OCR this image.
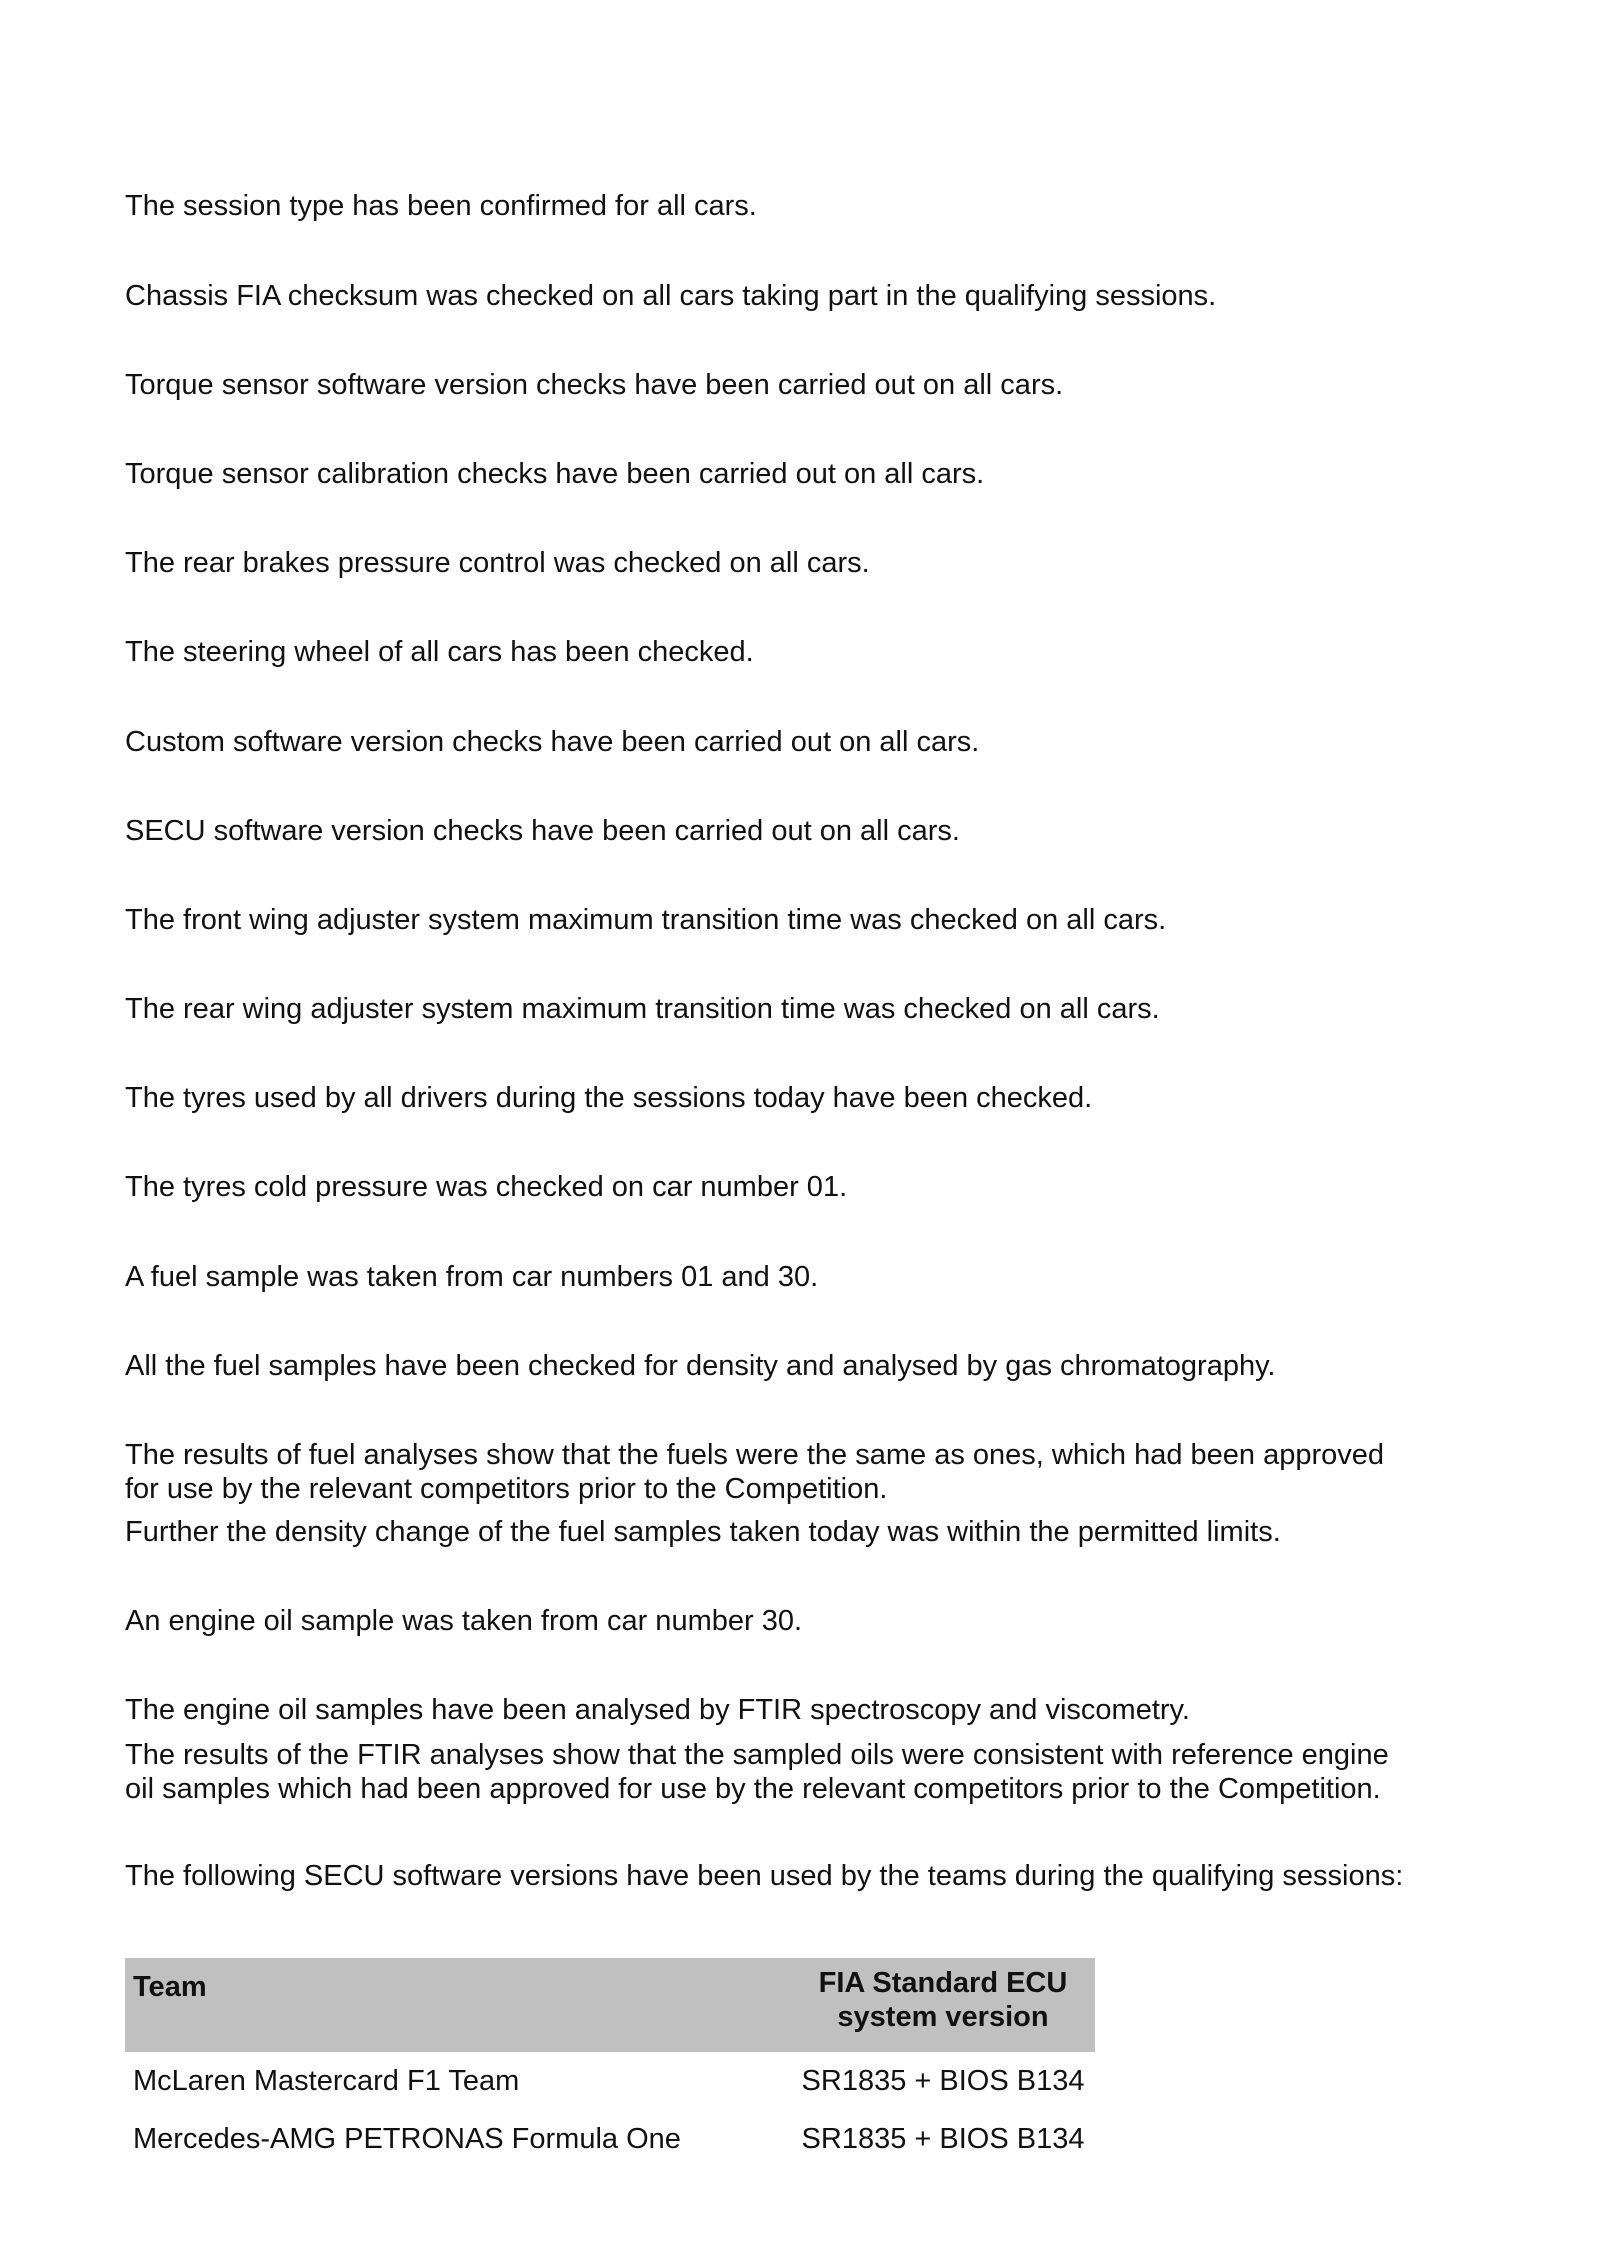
The session type has been confirmed for all cars.

Chassis FIA checksum was checked on all cars taking part in the qualifying sessions.

Torque sensor software version checks have been carried out on all cars.

Torque sensor calibration checks have been carried out on all cars.

The rear brakes pressure control was checked on all cars.

The steering wheel of all cars has been checked.

Custom software version checks have been carried out on all cars.

SECU software version checks have been carried out on all cars.

The front wing adjuster system maximum transition time was checked on all cars.

The rear wing adjuster system maximum transition time was checked on all cars.

The tyres used by all drivers during the sessions today have been checked.

The tyres cold pressure was checked on car number 01.

A fuel sample was taken from car numbers 01 and 30.

All the fuel samples have been checked for density and analysed by gas chromatography.

The results of fuel analyses show that the fuels were the same as ones, which had been approved
for use by the relevant competitors prior to the Competition.

Further the density change of the fuel samples taken today was within the permitted limits.

An engine oil sample was taken from car number 30.

The engine oil samples have been analysed by FTIR spectroscopy and viscometry.

The results of the FTIR analyses show that the sampled oils were consistent with reference engine
oil samples which had been approved for use by the relevant competitors prior to the Competition.

The following SECU software versions have been used by the teams during the qualifying sessions:

Team	FIA Standard ECU
system version
McLaren Mastercard F1 Team	SR1835 + BIOS B134
Mercedes-AMG PETRONAS Formula One	SR1835 + BIOS B134
